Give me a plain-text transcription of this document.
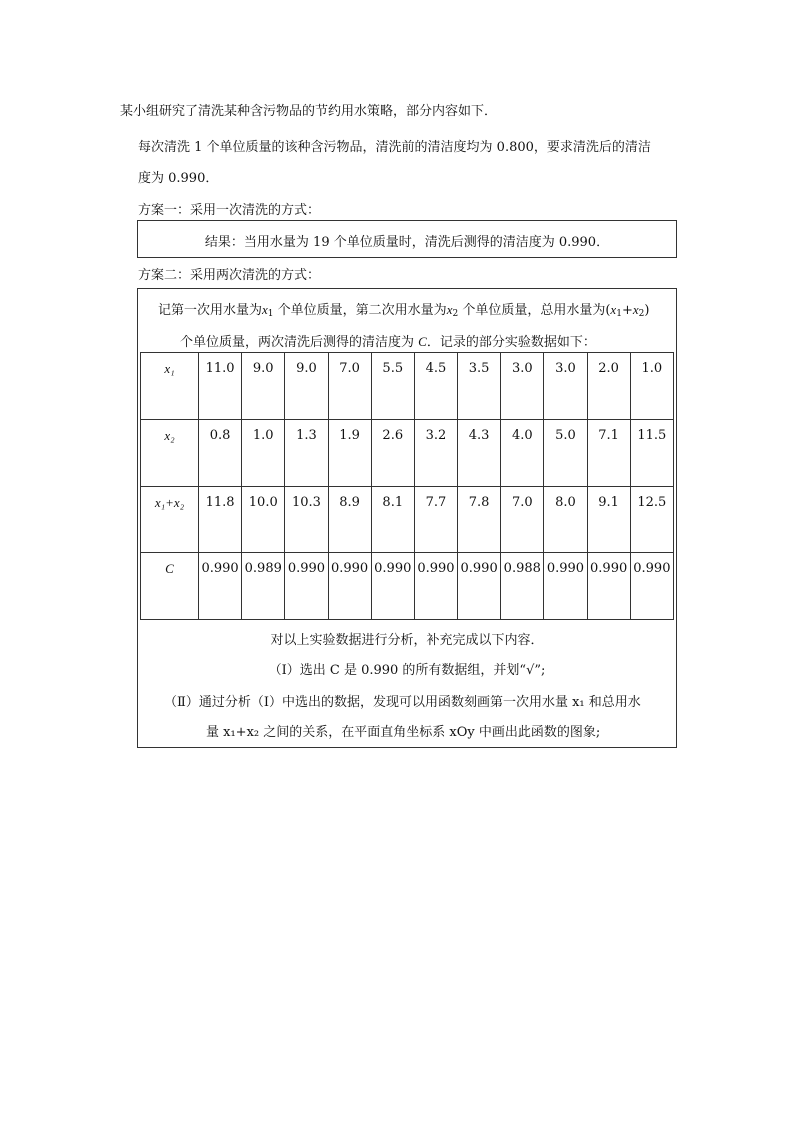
某小组研究了清洗某种含污物品的节约用水策略，部分内容如下．
每次清洗 1 个单位质量的该种含污物品，清洗前的清洁度均为 0.800，要求清洗后的清洁
度为 0.990．
方案一：采用一次清洗的方式：
结果：当用水量为 19 个单位质量时，清洗后测得的清洁度为 0.990．
方案二：采用两次清洗的方式：
记第一次用水量为$x_1$ 个单位质量，第二次用水量为$x_2$ 个单位质量，总用水量为$(x_1+x_2)$
个单位质量，两次清洗后测得的清洁度为 C．记录的部分实验数据如下：
对以上实验数据进行分析，补充完成以下内容．
（Ⅰ）选出 C 是 0.990 的所有数据组，并划“√”;
（Ⅱ）通过分析（Ⅰ）中选出的数据，发现可以用函数刻画第一次用水量 x₁ 和总用水
量 x₁+x₂ 之间的关系，在平面直角坐标系 xOy 中画出此函数的图象;
x₁	11.0	9.0	9.0	7.0	5.5	4.5	3.5	3.0	3.0	2.0	1.0
x₂	0.8	1.0	1.3	1.9	2.6	3.2	4.3	4.0	5.0	7.1	11.5
x₁+x₂	11.8	10.0	10.3	8.9	8.1	7.7	7.8	7.0	8.0	9.1	12.5
C	0.990	0.989	0.990	0.990	0.990	0.990	0.990	0.988	0.990	0.990	0.990
